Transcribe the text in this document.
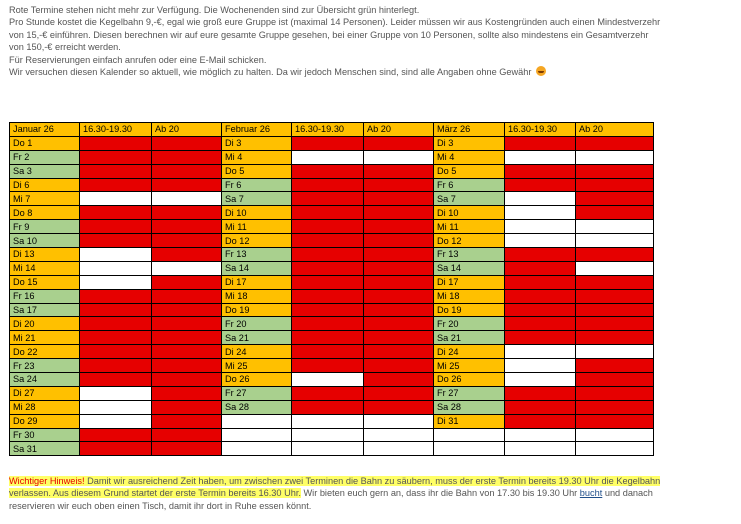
Rote Termine stehen nicht mehr zur Verfügung. Die Wochenenden sind zur Übersicht grün hinterlegt.

Pro Stunde kostet die Kegelbahn 9,-€, egal wie groß eure Gruppe ist (maximal 14 Personen). Leider müssen wir aus Kostengründen auch einen Mindestverzehr

von 15,-€ einführen. Diesen berechnen wir auf eure gesamte Gruppe gesehen, bei einer Gruppe von 10 Personen, sollte also mindestens ein Gesamtverzehr

von 150,-€ erreicht werden.

Für Reservierungen einfach anrufen oder eine E-Mail schicken.

Wir versuchen diesen Kalender so aktuell, wie möglich zu halten. Da wir jedoch Menschen sind, sind alle Angaben ohne Gewähr

Januar 26	16.30-19.30	Ab 20	Februar 26	16.30-19.30	Ab 20	März 26	16.30-19.30	Ab 20
Do 1			Di 3			Di 3		
Fr 2			Mi 4			Mi 4		
Sa 3			Do 5			Do 5		
Di 6			Fr 6			Fr 6		
Mi 7			Sa 7			Sa 7		
Do 8			Di 10			Di 10		
Fr 9			Mi 11			Mi 11		
Sa 10			Do 12			Do 12		
Di 13			Fr 13			Fr 13		
Mi 14			Sa 14			Sa 14		
Do 15			Di 17			Di 17		
Fr 16			Mi 18			Mi 18		
Sa 17			Do 19			Do 19		
Di 20			Fr 20			Fr 20		
Mi 21			Sa 21			Sa 21		
Do 22			Di 24			Di 24		
Fr 23			Mi 25			Mi 25		
Sa 24			Do 26			Do 26		
Di 27			Fr 27			Fr 27		
Mi 28			Sa 28			Sa 28		
Do 29						Di 31		
Fr 30								
Sa 31								

Wichtiger Hinweis! Damit wir ausreichend Zeit haben, um zwischen zwei Terminen die Bahn zu säubern, muss der erste Termin bereits 19.30 Uhr die Kegelbahn

verlassen. Aus diesem Grund startet der erste Termin bereits 16.30 Uhr. Wir bieten euch gern an, dass ihr die Bahn von 17.30 bis 19.30 Uhr bucht und danach

reservieren wir euch oben einen Tisch, damit ihr dort in Ruhe essen könnt.
